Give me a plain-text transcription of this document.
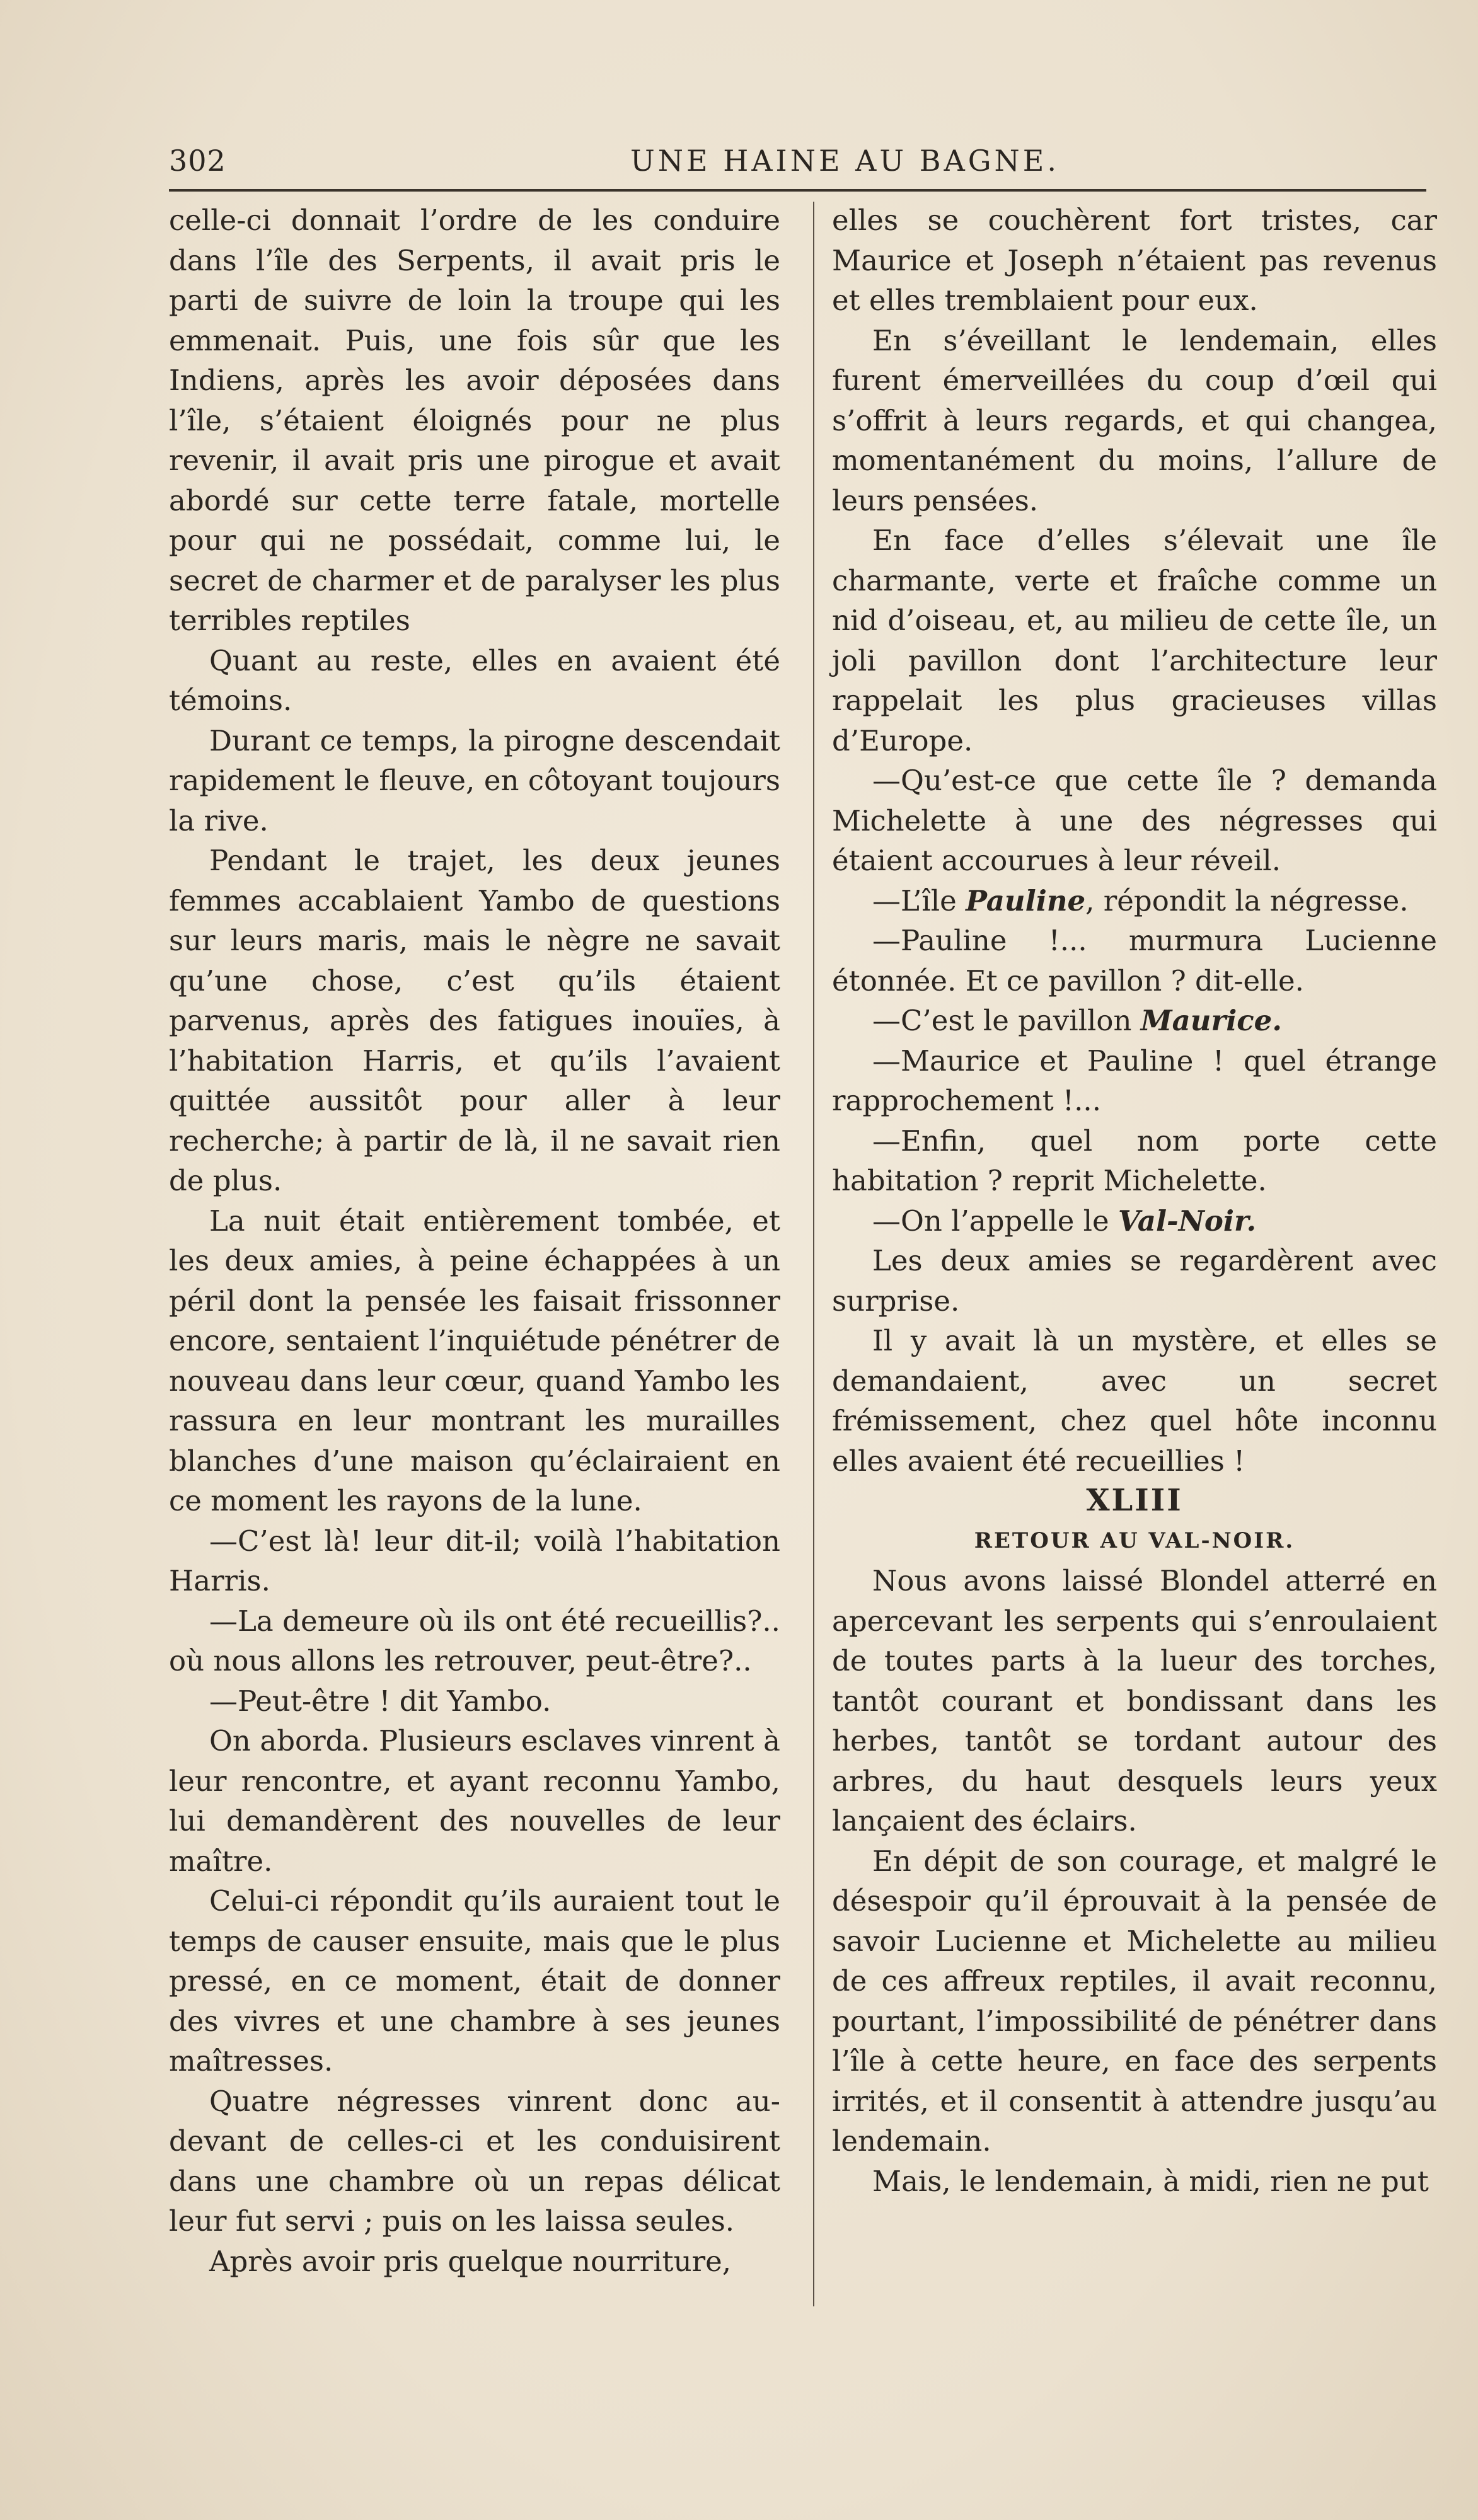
302	UNE HAINE AU BAGNE.

celle-ci donnait l’ordre de les conduire dans l’île des Serpents, il avait pris le parti de suivre de loin la troupe qui les emmenait. Puis, une fois sûr que les Indiens, après les avoir déposées dans l’île, s’étaient éloignés pour ne plus revenir, il avait pris une pirogue et avait abordé sur cette terre fatale, mortelle pour qui ne possédait, comme lui, le secret de charmer et de paralyser les plus terribles reptiles

Quant au reste, elles en avaient été témoins.

Durant ce temps, la pirogne descendait rapidement le fleuve, en côtoyant toujours la rive.

Pendant le trajet, les deux jeunes femmes accablaient Yambo de questions sur leurs maris, mais le nègre ne savait qu’une chose, c’est qu’ils étaient parvenus, après des fatigues inouïes, à l’habitation Harris, et qu’ils l’avaient quittée aussitôt pour aller à leur recherche; à partir de là, il ne savait rien de plus.

La nuit était entièrement tombée, et les deux amies, à peine échappées à un péril dont la pensée les faisait frissonner encore, sentaient l’inquiétude pénétrer de nouveau dans leur cœur, quand Yambo les rassura en leur montrant les murailles blanches d’une maison qu’éclairaient en ce moment les rayons de la lune.

—C’est là! leur dit-il; voilà l’habitation Harris.

—La demeure où ils ont été recueillis?.. où nous allons les retrouver, peut-être?..

—Peut-être ! dit Yambo.

On aborda. Plusieurs esclaves vinrent à leur rencontre, et ayant reconnu Yambo, lui demandèrent des nouvelles de leur maître.

Celui-ci répondit qu’ils auraient tout le temps de causer ensuite, mais que le plus pressé, en ce moment, était de donner des vivres et une chambre à ses jeunes maîtresses.

Quatre négresses vinrent donc au-devant de celles-ci et les conduisirent dans une chambre où un repas délicat leur fut servi ; puis on les laissa seules.

Après avoir pris quelque nourriture,

elles se couchèrent fort tristes, car Maurice et Joseph n’étaient pas revenus et elles tremblaient pour eux.

En s’éveillant le lendemain, elles furent émerveillées du coup d’œil qui s’offrit à leurs regards, et qui changea, momentanément du moins, l’allure de leurs pensées.

En face d’elles s’élevait une île charmante, verte et fraîche comme un nid d’oiseau, et, au milieu de cette île, un joli pavillon dont l’architecture leur rappelait les plus gracieuses villas d’Europe.

—Qu’est-ce que cette île ? demanda Michelette à une des négresses qui étaient accourues à leur réveil.

—L’île Pauline, répondit la négresse.

—Pauline !... murmura Lucienne étonnée. Et ce pavillon ? dit-elle.

—C’est le pavillon Maurice.

—Maurice et Pauline ! quel étrange rapprochement !...

—Enfin, quel nom porte cette habitation ? reprit Michelette.

—On l’appelle le Val-Noir.

Les deux amies se regardèrent avec surprise.

Il y avait là un mystère, et elles se demandaient, avec un secret frémissement, chez quel hôte inconnu elles avaient été recueillies !

XLIII

RETOUR AU VAL-NOIR.

Nous avons laissé Blondel atterré en apercevant les serpents qui s’enroulaient de toutes parts à la lueur des torches, tantôt courant et bondissant dans les herbes, tantôt se tordant autour des arbres, du haut desquels leurs yeux lançaient des éclairs.

En dépit de son courage, et malgré le désespoir qu’il éprouvait à la pensée de savoir Lucienne et Michelette au milieu de ces affreux reptiles, il avait reconnu, pourtant, l’impossibilité de pénétrer dans l’île à cette heure, en face des serpents irrités, et il consentit à attendre jusqu’au lendemain.

Mais, le lendemain, à midi, rien ne put
